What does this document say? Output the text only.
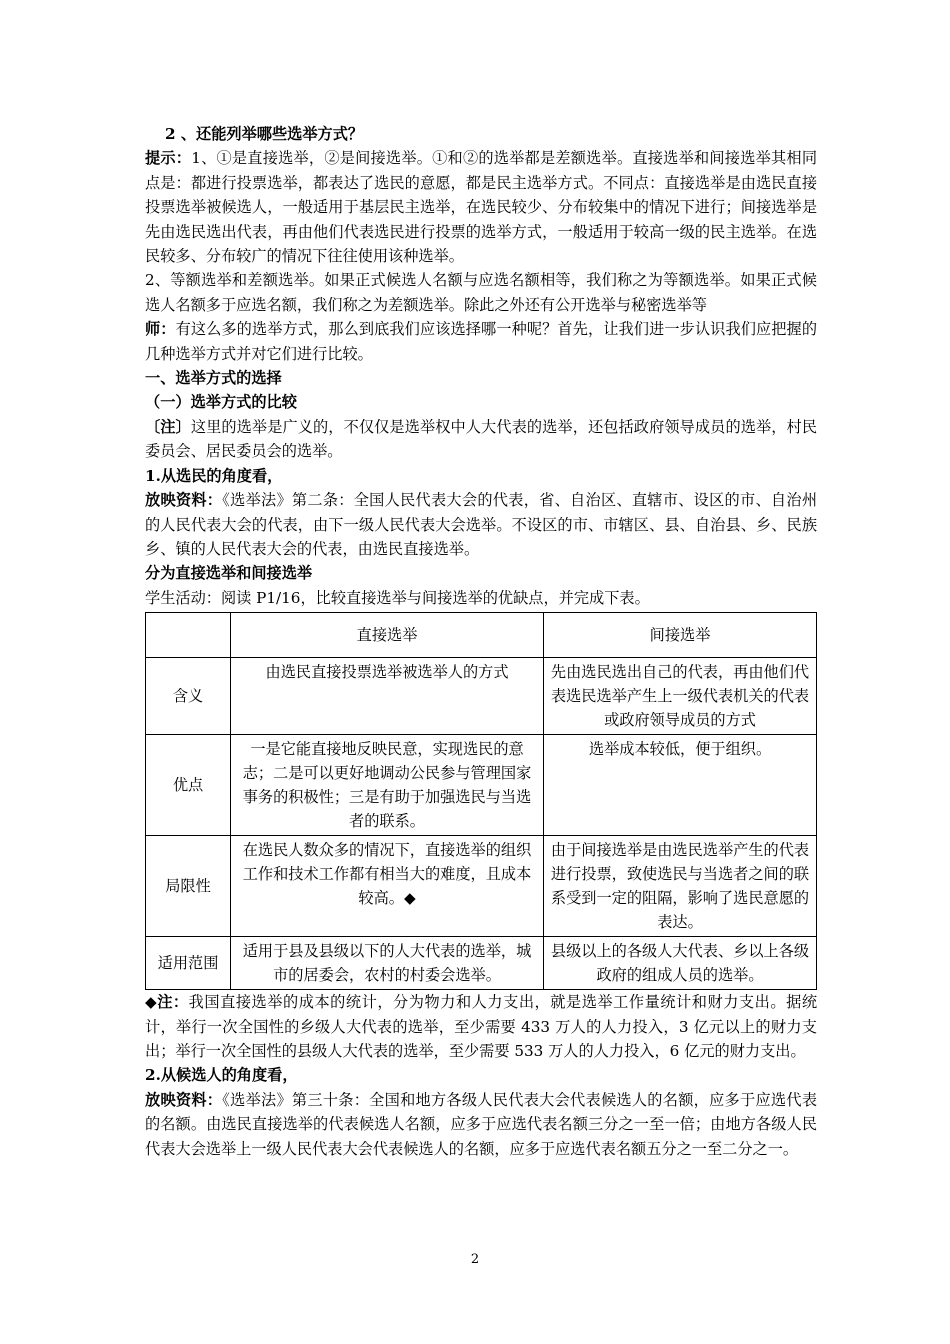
2 、还能列举哪些选举方式？

提示：1、①是直接选举，②是间接选举。①和②的选举都是差额选举。直接选举和间接选举其相同点是：都进行投票选举，都表达了选民的意愿，都是民主选举方式。不同点：直接选举是由选民直接投票选举被候选人，一般适用于基层民主选举，在选民较少、分布较集中的情况下进行；间接选举是先由选民选出代表，再由他们代表选民进行投票的选举方式，一般适用于较高一级的民主选举。在选民较多、分布较广的情况下往往使用该种选举。

2、等额选举和差额选举。如果正式候选人名额与应选名额相等，我们称之为等额选举。如果正式候选人名额多于应选名额，我们称之为差额选举。除此之外还有公开选举与秘密选举等

师：有这么多的选举方式，那么到底我们应该选择哪一种呢？首先，让我们进一步认识我们应把握的几种选举方式并对它们进行比较。

一、选举方式的选择

（一）选举方式的比较

〔注〕这里的选举是广义的，不仅仅是选举权中人大代表的选举，还包括政府领导成员的选举，村民委员会、居民委员会的选举。

1.从选民的角度看，

放映资料：《选举法》第二条：全国人民代表大会的代表，省、自治区、直辖市、设区的市、自治州的人民代表大会的代表，由下一级人民代表大会选举。不设区的市、市辖区、县、自治县、乡、民族乡、镇的人民代表大会的代表，由选民直接选举。

分为直接选举和间接选举

学生活动：阅读 P1/16，比较直接选举与间接选举的优缺点，并完成下表。

	直接选举	间接选举
含义	由选民直接投票选举被选举人的方式	先由选民选出自己的代表，再由他们代表选民选举产生上一级代表机关的代表或政府领导成员的方式
优点	一是它能直接地反映民意，实现选民的意志；二是可以更好地调动公民参与管理国家事务的积极性；三是有助于加强选民与当选者的联系。	选举成本较低，便于组织。
局限性	在选民人数众多的情况下，直接选举的组织工作和技术工作都有相当大的难度，且成本较高。◆	由于间接选举是由选民选举产生的代表进行投票，致使选民与当选者之间的联系受到一定的阻隔，影响了选民意愿的表达。
适用范围	适用于县及县级以下的人大代表的选举，城市的居委会，农村的村委会选举。	县级以上的各级人大代表、乡以上各级政府的组成人员的选举。

◆注：我国直接选举的成本的统计，分为物力和人力支出，就是选举工作量统计和财力支出。据统计，举行一次全国性的乡级人大代表的选举，至少需要 433 万人的人力投入，3 亿元以上的财力支出；举行一次全国性的县级人大代表的选举，至少需要 533 万人的人力投入，6 亿元的财力支出。

2.从候选人的角度看，

放映资料：《选举法》第三十条：全国和地方各级人民代表大会代表候选人的名额，应多于应选代表的名额。由选民直接选举的代表候选人名额，应多于应选代表名额三分之一至一倍；由地方各级人民代表大会选举上一级人民代表大会代表候选人的名额，应多于应选代表名额五分之一至二分之一。

2
